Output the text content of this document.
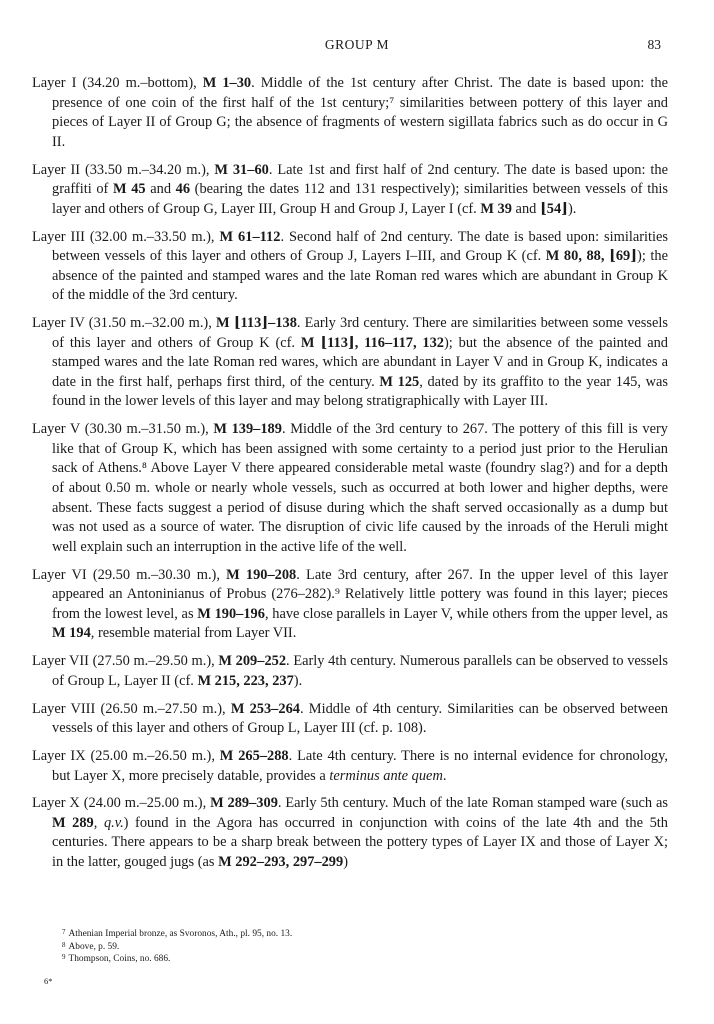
GROUP M	83

Layer I (34.20 m.–bottom), M 1–30. Middle of the 1st century after Christ. The date is based upon: the presence of one coin of the first half of the 1st century;⁷ similarities between pottery of this layer and pieces of Layer II of Group G; the absence of fragments of western sigillata fabrics such as do occur in G II.

Layer II (33.50 m.–34.20 m.), M 31–60. Late 1st and first half of 2nd century. The date is based upon: the graffiti of M 45 and 46 (bearing the dates 112 and 131 respectively); similarities between vessels of this layer and others of Group G, Layer III, Group H and Group J, Layer I (cf. M 39 and ⌊54⌋).

Layer III (32.00 m.–33.50 m.), M 61–112. Second half of 2nd century. The date is based upon: similarities between vessels of this layer and others of Group J, Layers I–III, and Group K (cf. M 80, 88, ⌊69⌋); the absence of the painted and stamped wares and the late Roman red wares which are abundant in Group K of the middle of the 3rd century.

Layer IV (31.50 m.–32.00 m.), M ⌊113⌋–138. Early 3rd century. There are similarities between some vessels of this layer and others of Group K (cf. M ⌊113⌋, 116–117, 132); but the absence of the painted and stamped wares and the late Roman red wares, which are abundant in Layer V and in Group K, indicates a date in the first half, perhaps first third, of the century. M 125, dated by its graffito to the year 145, was found in the lower levels of this layer and may belong stratigraphically with Layer III.

Layer V (30.30 m.–31.50 m.), M 139–189. Middle of the 3rd century to 267. The pottery of this fill is very like that of Group K, which has been assigned with some certainty to a period just prior to the Herulian sack of Athens.⁸ Above Layer V there appeared considerable metal waste (foundry slag?) and for a depth of about 0.50 m. whole or nearly whole vessels, such as occurred at both lower and higher depths, were absent. These facts suggest a period of disuse during which the shaft served occasionally as a dump but was not used as a source of water. The disruption of civic life caused by the inroads of the Heruli might well explain such an interruption in the active life of the well.

Layer VI (29.50 m.–30.30 m.), M 190–208. Late 3rd century, after 267. In the upper level of this layer appeared an Antoninianus of Probus (276–282).⁹ Relatively little pottery was found in this layer; pieces from the lowest level, as M 190–196, have close parallels in Layer V, while others from the upper level, as M 194, resemble material from Layer VII.

Layer VII (27.50 m.–29.50 m.), M 209–252. Early 4th century. Numerous parallels can be observed to vessels of Group L, Layer II (cf. M 215, 223, 237).

Layer VIII (26.50 m.–27.50 m.), M 253–264. Middle of 4th century. Similarities can be observed between vessels of this layer and others of Group L, Layer III (cf. p. 108).

Layer IX (25.00 m.–26.50 m.), M 265–288. Late 4th century. There is no internal evidence for chronology, but Layer X, more precisely datable, provides a terminus ante quem.

Layer X (24.00 m.–25.00 m.), M 289–309. Early 5th century. Much of the late Roman stamped ware (such as M 289, q.v.) found in the Agora has occurred in conjunction with coins of the late 4th and the 5th centuries. There appears to be a sharp break between the pottery types of Layer IX and those of Layer X; in the latter, gouged jugs (as M 292–293, 297–299)

$^7$ Athenian Imperial bronze, as Svoronos, Ath., pl. 95, no. 13.

$^8$ Above, p. 59.

$^9$ Thompson, Coins, no. 686.

6*
